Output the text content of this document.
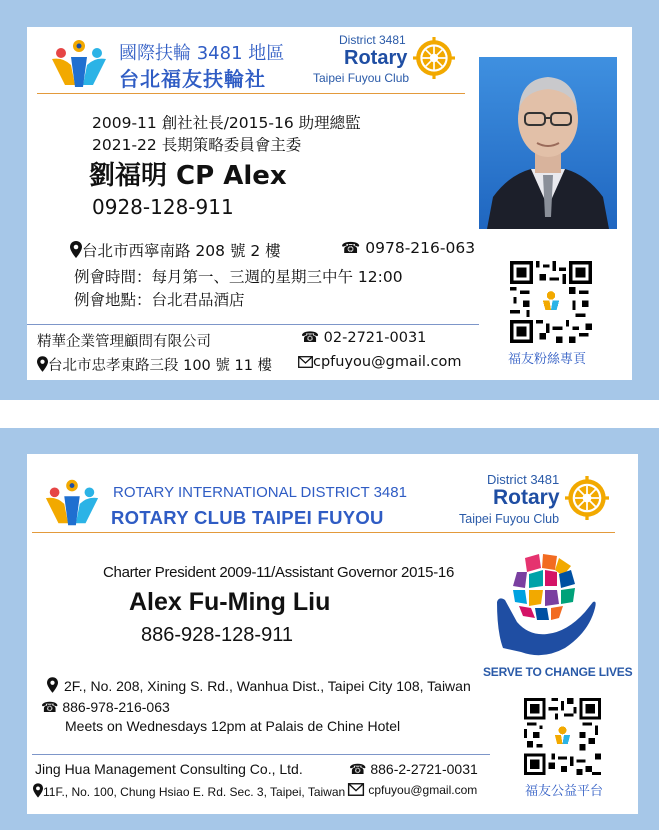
國際扶輪 3481 地區
台北福友扶輪社
District 3481
Rotary
Taipei Fuyou Club
2009-11 創社社長/2015-16 助理總監
2021-22 長期策略委員會主委
劉福明 CP Alex
0928-128-911
台北市西寧南路 208 號 2 樓	☎ 0978-216-063
例會時間：每月第一、三週的星期三中午 12:00
例會地點：台北君品酒店
精華企業管理顧問有限公司	☎ 02-2721-0031
台北市忠孝東路三段 100 號 11 樓	cpfuyou@gmail.com	福友粉絲專頁
ROTARY INTERNATIONAL DISTRICT 3481
ROTARY CLUB TAIPEI FUYOU
District 3481
Rotary
Taipei Fuyou Club
Charter President 2009-11/Assistant Governor 2015-16
Alex Fu-Ming Liu
886-928-128-911
2F., No. 208, Xining S. Rd., Wanhua Dist., Taipei City 108, Taiwan
☎ 886-978-216-063
Meets on Wednesdays 12pm at Palais de Chine Hotel
Jing Hua Management Consulting Co., Ltd.	☎ 886-2-2721-0031
11F., No. 100, Chung Hsiao E. Rd. Sec. 3, Taipei, Taiwan	cpfuyou@gmail.com
SERVE TO CHANGE LIVES
福友公益平台
